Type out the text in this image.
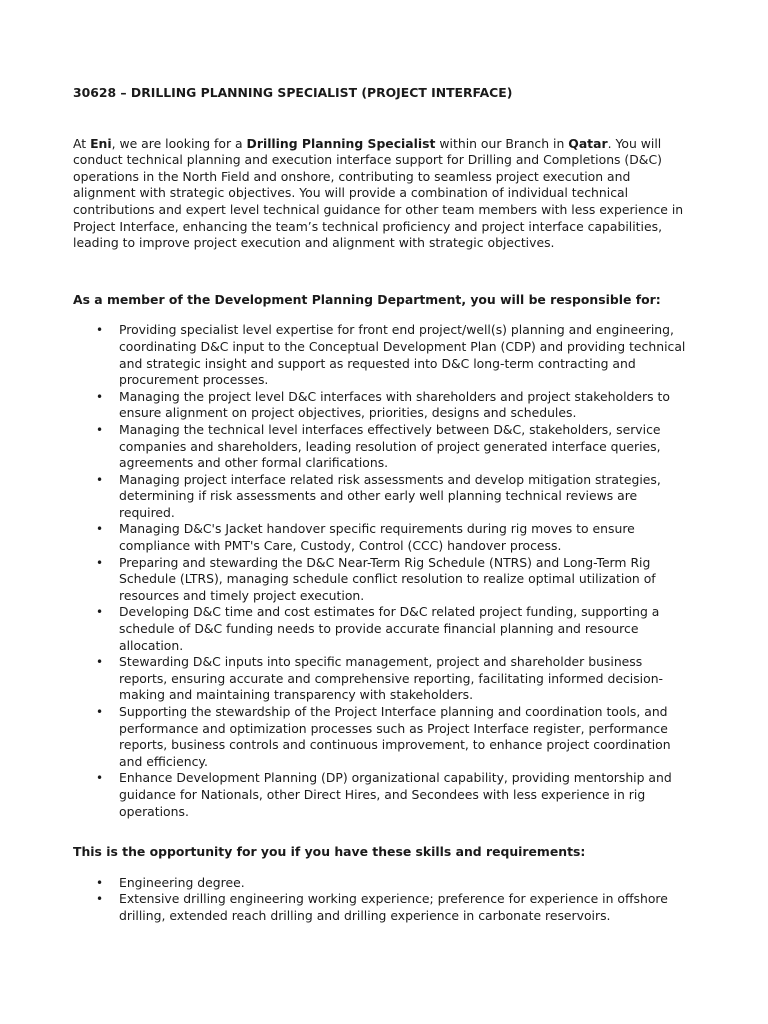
30628 – DRILLING PLANNING SPECIALIST (PROJECT INTERFACE)

At Eni, we are looking for a Drilling Planning Specialist within our Branch in Qatar. You will conduct technical planning and execution interface support for Drilling and Completions (D&C) operations in the North Field and onshore, contributing to seamless project execution and alignment with strategic objectives. You will provide a combination of individual technical contributions and expert level technical guidance for other team members with less experience in Project Interface, enhancing the team’s technical proficiency and project interface capabilities, leading to improve project execution and alignment with strategic objectives.

As a member of the Development Planning Department, you will be responsible for:

• Providing specialist level expertise for front end project/well(s) planning and engineering, coordinating D&C input to the Conceptual Development Plan (CDP) and providing technical and strategic insight and support as requested into D&C long-term contracting and procurement processes.
• Managing the project level D&C interfaces with shareholders and project stakeholders to ensure alignment on project objectives, priorities, designs and schedules.
• Managing the technical level interfaces effectively between D&C, stakeholders, service companies and shareholders, leading resolution of project generated interface queries, agreements and other formal clarifications.
• Managing project interface related risk assessments and develop mitigation strategies, determining if risk assessments and other early well planning technical reviews are required.
• Managing D&C's Jacket handover specific requirements during rig moves to ensure compliance with PMT's Care, Custody, Control (CCC) handover process.
• Preparing and stewarding the D&C Near-Term Rig Schedule (NTRS) and Long-Term Rig Schedule (LTRS), managing schedule conflict resolution to realize optimal utilization of resources and timely project execution.
• Developing D&C time and cost estimates for D&C related project funding, supporting a schedule of D&C funding needs to provide accurate financial planning and resource allocation.
• Stewarding D&C inputs into specific management, project and shareholder business reports, ensuring accurate and comprehensive reporting, facilitating informed decision-making and maintaining transparency with stakeholders.
• Supporting the stewardship of the Project Interface planning and coordination tools, and performance and optimization processes such as Project Interface register, performance reports, business controls and continuous improvement, to enhance project coordination and efficiency.
• Enhance Development Planning (DP) organizational capability, providing mentorship and guidance for Nationals, other Direct Hires, and Secondees with less experience in rig operations.

This is the opportunity for you if you have these skills and requirements:

• Engineering degree.
• Extensive drilling engineering working experience; preference for experience in offshore drilling, extended reach drilling and drilling experience in carbonate reservoirs.
